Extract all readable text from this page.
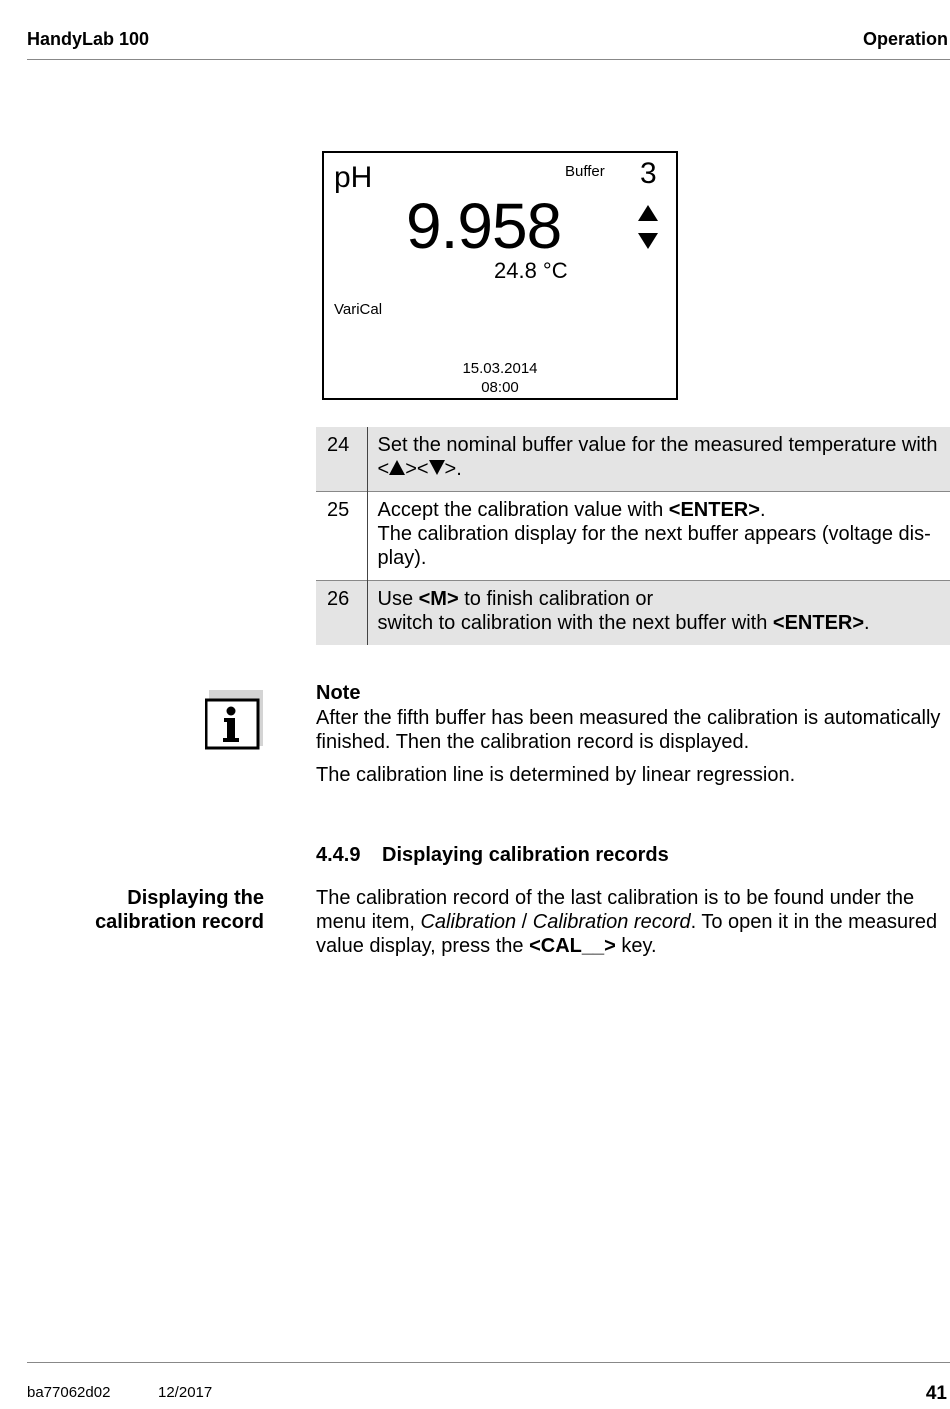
HandyLab 100	Operation
pH	Buffer 3
9.958
24.8 °C
VariCal
15.03.2014
08:00
24	Set the nominal buffer value for the measured temperature with
< >< >.

25	Accept the calibration value with <ENTER>.
The calibration display for the next buffer appears (voltage dis-
play).

26	Use <M> to finish calibration or
switch to calibration with the next buffer with <ENTER>.
Note
After the fifth buffer has been measured the calibration is automatically finished. Then the calibration record is displayed.
The calibration line is determined by linear regression.
4.4.9 Displaying calibration records
Displaying the
calibration record
The calibration record of the last calibration is to be found under the menu item, Calibration / Calibration record. To open it in the measured value display, press the <CAL__> key.
ba77062d02	12/2017	41
